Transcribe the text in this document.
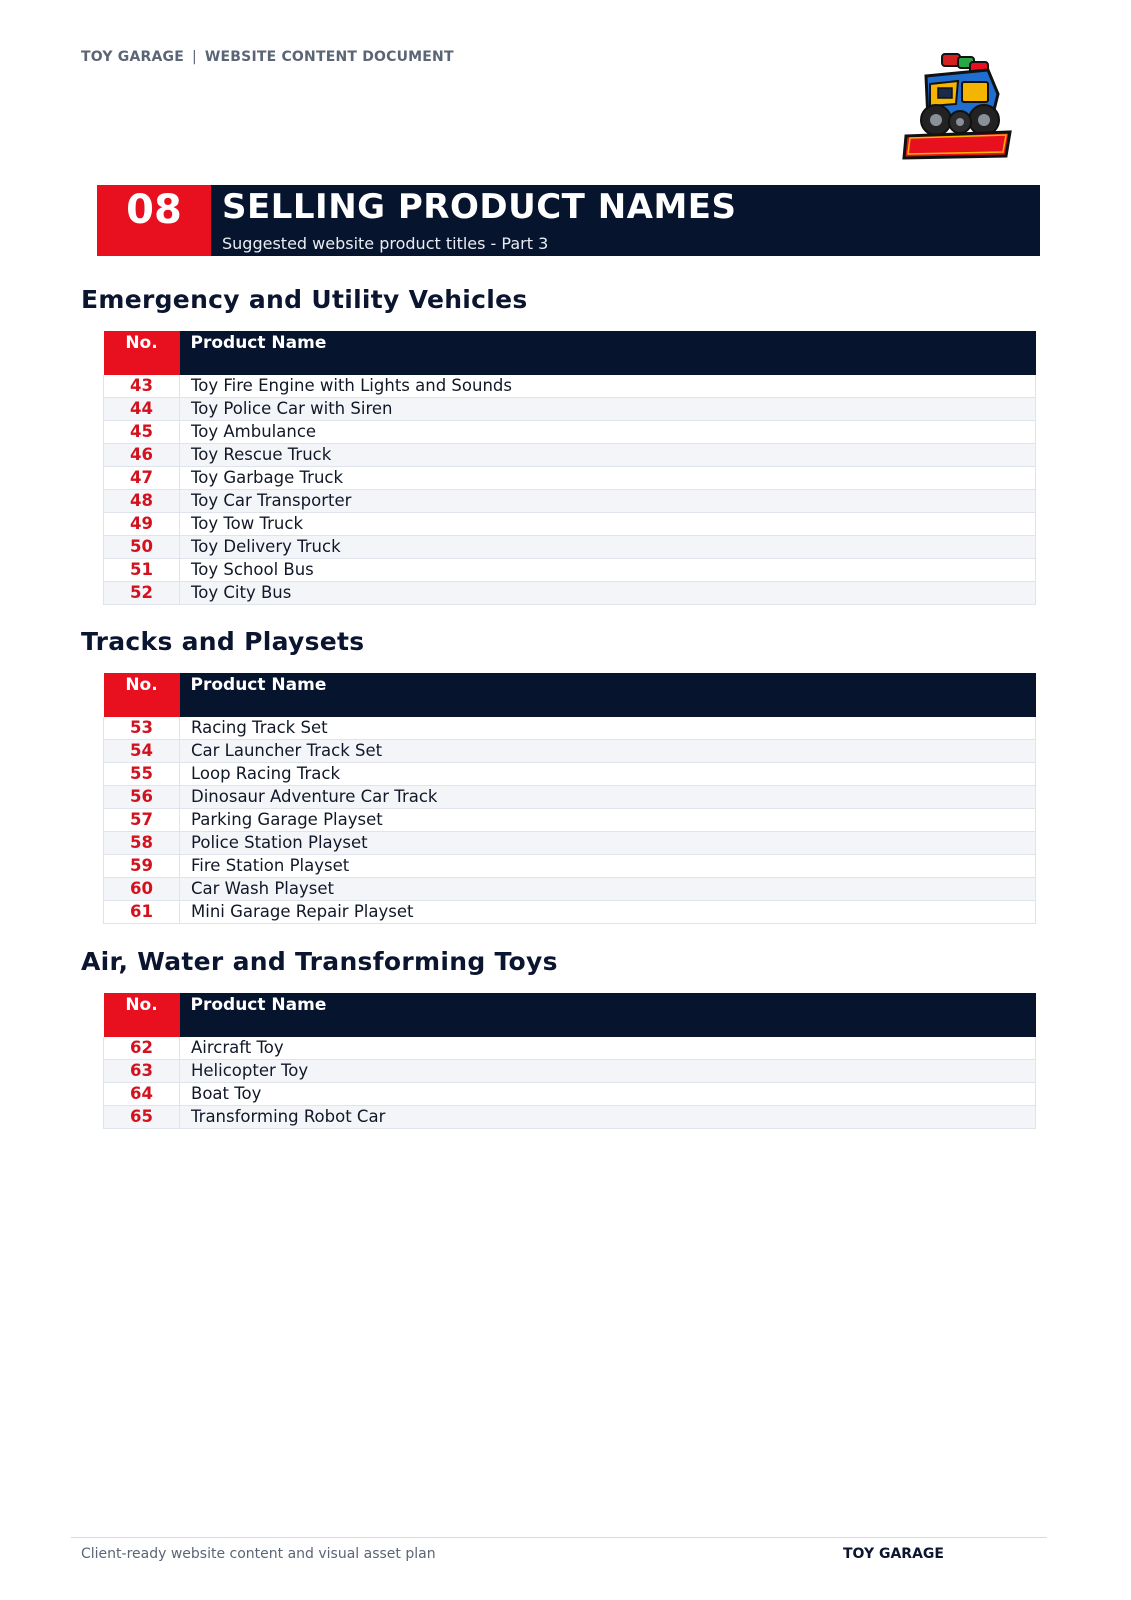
TOY GARAGE | WEBSITE CONTENT DOCUMENT
08	SELLING PRODUCT NAMES
Suggested website product titles - Part 3
Emergency and Utility Vehicles
No.	Product Name
43	Toy Fire Engine with Lights and Sounds
44	Toy Police Car with Siren
45	Toy Ambulance
46	Toy Rescue Truck
47	Toy Garbage Truck
48	Toy Car Transporter
49	Toy Tow Truck
50	Toy Delivery Truck
51	Toy School Bus
52	Toy City Bus
Tracks and Playsets
No.	Product Name
53	Racing Track Set
54	Car Launcher Track Set
55	Loop Racing Track
56	Dinosaur Adventure Car Track
57	Parking Garage Playset
58	Police Station Playset
59	Fire Station Playset
60	Car Wash Playset
61	Mini Garage Repair Playset
Air, Water and Transforming Toys
No.	Product Name
62	Aircraft Toy
63	Helicopter Toy
64	Boat Toy
65	Transforming Robot Car
Client-ready website content and visual asset plan	TOY GARAGE
